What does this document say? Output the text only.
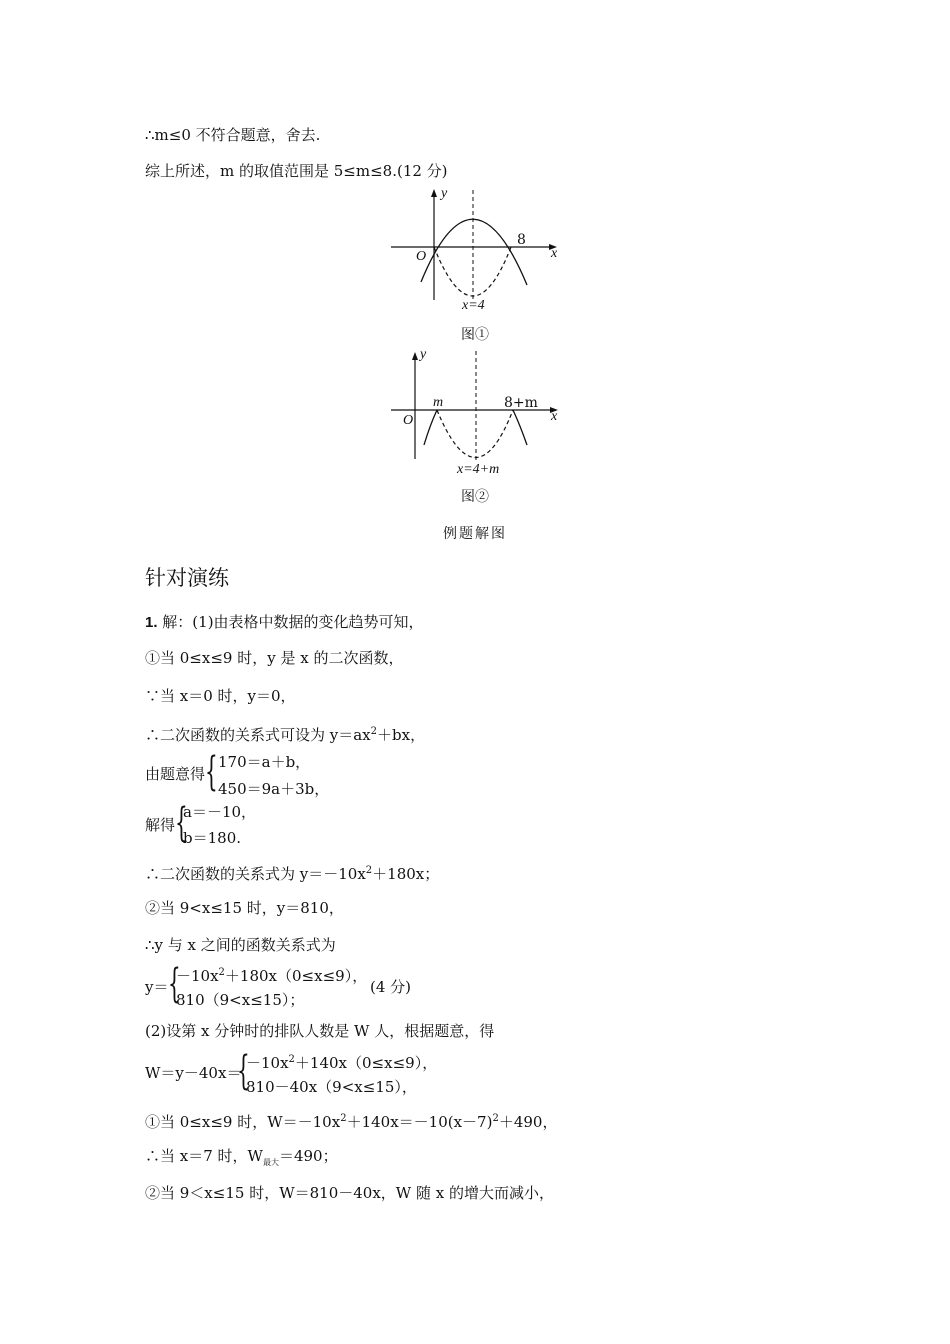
∴m≤0 不符合题意，舍去.
综上所述，m 的取值范围是 5≤m≤8.(12 分)
y
x
O
8
x=4
图①
y
x
O
m	8+m
x=4+m
图②
例题解图
针对演练
1. 解：(1)由表格中数据的变化趋势可知，
①当 0≤x≤9 时，y 是 x 的二次函数，
∵当 x＝0 时，y＝0，
∴二次函数的关系式可设为 $y=ax^2+bx$，
由题意得 { 170＝a＋b，
450＝9a＋3b，
解得 {
a＝－10，
b＝180.
∴二次函数的关系式为 $y=-10x^2+180x$；
②当 9<x≤15 时，y＝810，
∴y 与 x 之间的函数关系式为
y＝ {
$-10x^2+180x(0\le x\le 9)$，
810（9<x≤15）；
(4 分)
(2)设第 x 分钟时的排队人数是 W 人，根据题意，得
W＝y－40x＝
{
$-10x^2+140x(0\le x\le 9)$，
810－40x（9<x≤15），
①当 0≤x≤9 时，$W=-10x^2+140x=-10(x-7)^2+490$，
∴当 x＝7 时，$W_{最大}=490$；
②当 9＜x≤15 时，W＝810－40x，W 随 x 的增大而减小，
